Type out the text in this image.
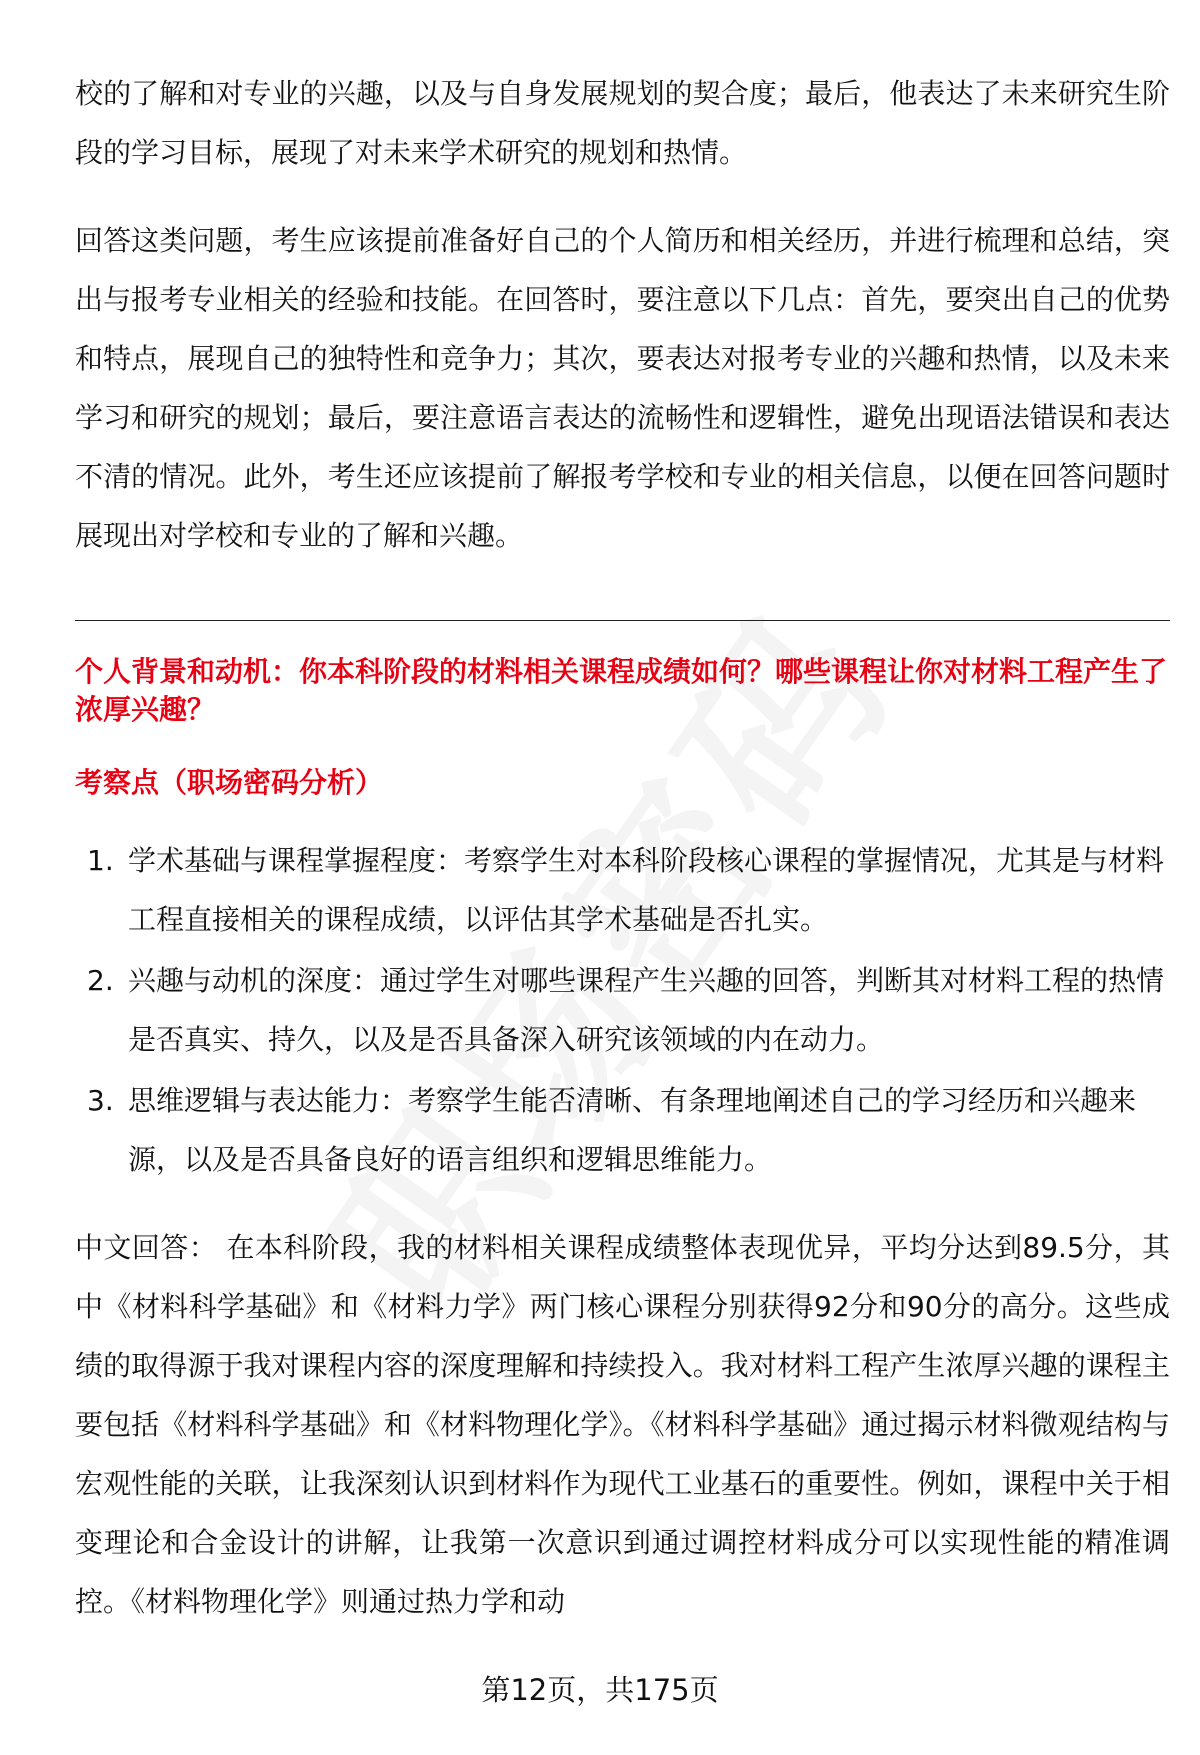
校的了解和对专业的兴趣，以及与自身发展规划的契合度；最后，他表达了未来研究生阶段的学习目标，展现了对未来学术研究的规划和热情。
回答这类问题，考生应该提前准备好自己的个人简历和相关经历，并进行梳理和总结，突出与报考专业相关的经验和技能。在回答时，要注意以下几点：首先，要突出自己的优势和特点，展现自己的独特性和竞争力；其次，要表达对报考专业的兴趣和热情，以及未来学习和研究的规划；最后，要注意语言表达的流畅性和逻辑性，避免出现语法错误和表达不清的情况。此外，考生还应该提前了解报考学校和专业的相关信息，以便在回答问题时展现出对学校和专业的了解和兴趣。
个人背景和动机：你本科阶段的材料相关课程成绩如何？哪些课程让你对材料工程产生了浓厚兴趣？
考察点（职场密码分析）
1. 学术基础与课程掌握程度：考察学生对本科阶段核心课程的掌握情况，尤其是与材料工程直接相关的课程成绩，以评估其学术基础是否扎实。
2. 兴趣与动机的深度：通过学生对哪些课程产生兴趣的回答，判断其对材料工程的热情是否真实、持久，以及是否具备深入研究该领域的内在动力。
3. 思维逻辑与表达能力：考察学生能否清晰、有条理地阐述自己的学习经历和兴趣来源，以及是否具备良好的语言组织和逻辑思维能力。
中文回答： 在本科阶段，我的材料相关课程成绩整体表现优异，平均分达到89.5分，其中《材料科学基础》和《材料力学》两门核心课程分别获得92分和90分的高分。这些成绩的取得源于我对课程内容的深度理解和持续投入。我对材料工程产生浓厚兴趣的课程主要包括《材料科学基础》和《材料物理化学》。《材料科学基础》通过揭示材料微观结构与宏观性能的关联，让我深刻认识到材料作为现代工业基石的重要性。例如，课程中关于相变理论和合金设计的讲解，让我第一次意识到通过调控材料成分可以实现性能的精准调控。《材料物理化学》则通过热力学和动
第12页，共175页
